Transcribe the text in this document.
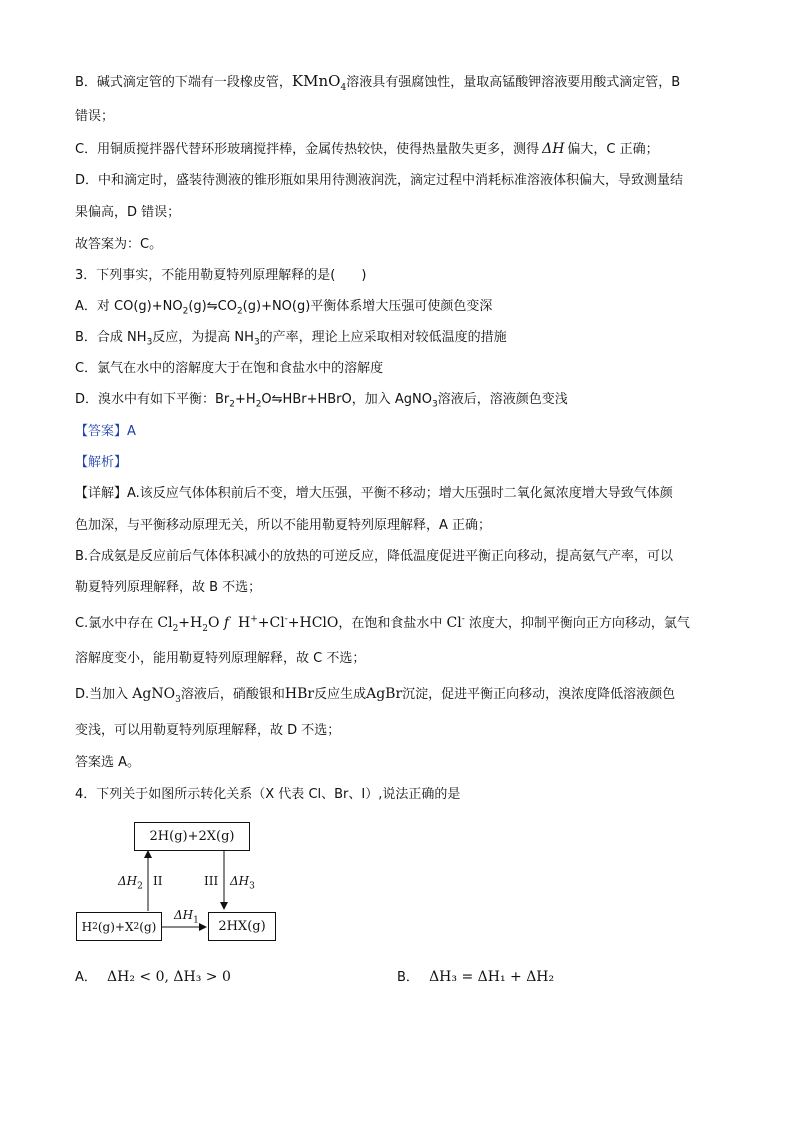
B．碱式滴定管的下端有一段橡皮管，KMnO$_4$溶液具有强腐蚀性，量取高锰酸钾溶液要用酸式滴定管，B
错误；
C．用铜质搅拌器代替环形玻璃搅拌棒，金属传热较快，使得热量散失更多，测得 ΔH 偏大，C 正确；
D．中和滴定时，盛装待测液的锥形瓶如果用待测液润洗，滴定过程中消耗标准溶液体积偏大，导致测量结
果偏高，D 错误；
故答案为：C。
3．下列事实，不能用勒夏特列原理解释的是(　　)
A．对 $CO(g)+NO_2(g)⇋CO_2(g)+NO(g)$平衡体系增大压强可使颜色变深
B．合成 $NH_3$反应，为提高 $NH_3$的产率，理论上应采取相对较低温度的措施
C．氯气在水中的溶解度大于在饱和食盐水中的溶解度
D．溴水中有如下平衡：$Br_2+H_2O⇋HBr+HBrO$，加入 AgNO$_3$溶液后，溶液颜色变浅
【答案】A
【解析】
【详解】A.该反应气体体积前后不变，增大压强，平衡不移动；增大压强时二氧化氮浓度增大导致气体颜
色加深，与平衡移动原理无关，所以不能用勒夏特列原理解释，A 正确；
B.合成氨是反应前后气体体积减小的放热的可逆反应，降低温度促进平衡正向移动，提高氨气产率，可以
勒夏特列原理解释，故 B 不选；
C.氯水中存在 $Cl_2+H_2O$ f H++Cl-+HClO，在饱和食盐水中 Cl- 浓度大，抑制平衡向正方向移动，氯气
溶解度变小，能用勒夏特列原理解释，故 C 不选；
D.当加入 AgNO$_3$溶液后，硝酸银和HBr反应生成AgBr沉淀，促进平衡正向移动，溴浓度降低溶液颜色
变浅，可以用勒夏特列原理解释，故 D 不选；
答案选 A。
4．下列关于如图所示转化关系（X 代表 Cl、Br、I）,说法正确的是
2H(g)+2X(g)
H 2 (g)+X 2 (g)	2HX(g)
$\Delta H_2$ II	III $\Delta H_3$
$\Delta H_1$
A． ΔH₂ < 0, ΔH₃ > 0	B． ΔH₃ = ΔH₁ + ΔH₂
